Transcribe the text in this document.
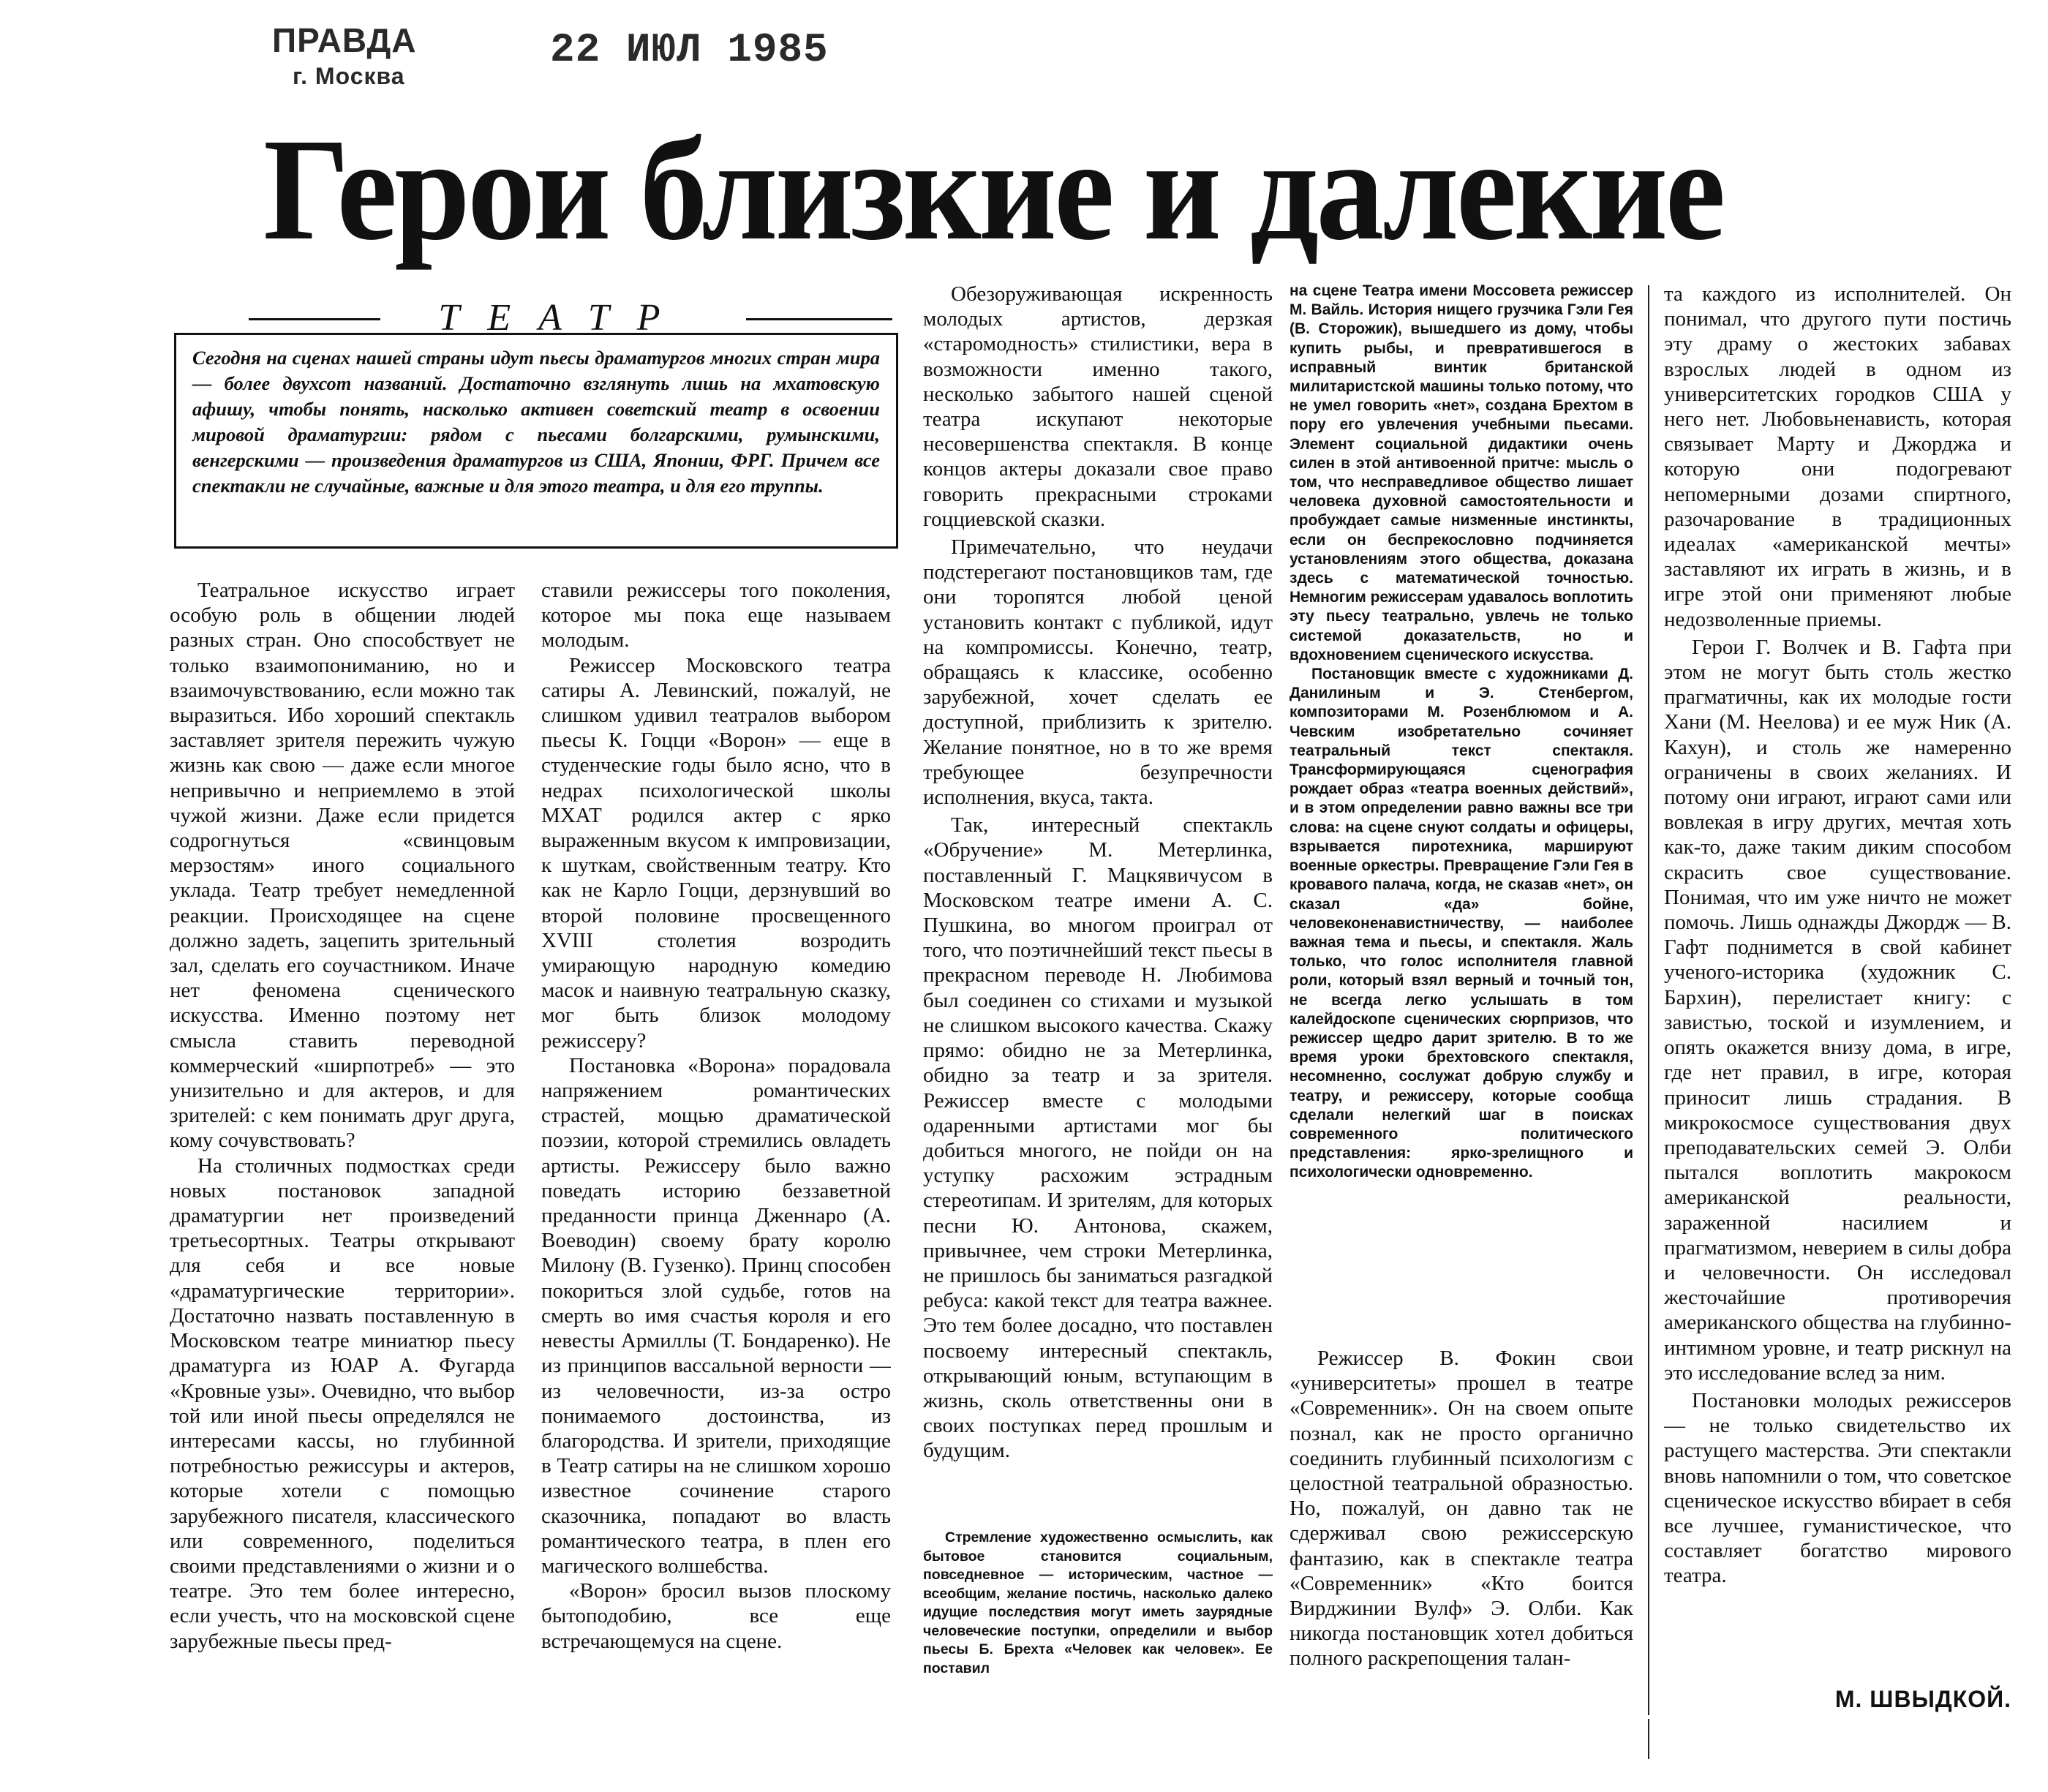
ПРАВДА
г. Москва
22 ИЮЛ 1985
Герои близкие и далекие
ТЕАТР
Сегодня на сценах нашей страны идут пьесы драматургов многих стран мира — более двухсот названий. Достаточно взглянуть лишь на мхатовскую афишу, чтобы понять, насколько активен советский театр в освоении мировой драматургии: рядом с пьесами болгарскими, румынскими, венгерскими — произведения драматургов из США, Японии, ФРГ. Причем все спектакли не случайные, важные и для этого театра, и для его труппы.

Театральное искусство играет особую роль в общении людей разных стран. Оно способствует не только взаимопониманию, но и взаимочувствованию, если можно так выразиться. Ибо хороший спектакль заставляет зрителя пережить чужую жизнь как свою — даже если многое непривычно и неприемлемо в этой чужой жизни. Даже если придется содрогнуться «свинцовым мерзостям» иного социального уклада. Театр требует немедленной реакции. Происходящее на сцене должно задеть, зацепить зрительный зал, сделать его соучастником. Иначе нет феномена сценического искусства. Именно поэтому нет смысла ставить переводной коммерческий «ширпотреб» — это унизительно и для актеров, и для зрителей: с кем понимать друг друга, кому сочувствовать?

На столичных подмостках среди новых постановок западной драматургии нет произведений третьесортных. Театры открывают для себя и все новые «драматургические территории». Достаточно назвать поставленную в Московском театре миниатюр пьесу драматурга из ЮАР А. Фугарда «Кровные узы». Очевидно, что выбор той или иной пьесы определялся не интересами кассы, но глубинной потребностью режиссуры и актеров, которые хотели с помощью зарубежного писателя, классического или современного, поделиться своими представлениями о жизни и о театре. Это тем более интересно, если учесть, что на московской сцене зарубежные пьесы пред-

ставили режиссеры того поколения, которое мы пока еще называем молодым.

Режиссер Московского театра сатиры А. Левинский, пожалуй, не слишком удивил театралов выбором пьесы К. Гоцци «Ворон» — еще в студенческие годы было ясно, что в недрах психологической школы МХАТ родился актер с ярко выраженным вкусом к импровизации, к шуткам, свойственным театру. Кто как не Карло Гоцци, дерзнувший во второй половине просвещенного XVIII столетия возродить умирающую народную комедию масок и наивную театральную сказку, мог быть близок молодому режиссеру?

Постановка «Ворона» порадовала напряжением романтических страстей, мощью драматической поэзии, которой стремились овладеть артисты. Режиссеру было важно поведать историю беззаветной преданности принца Дженнаро (А. Воеводин) своему брату королю Милону (В. Гузенко). Принц способен покориться злой судьбе, готов на смерть во имя счастья короля и его невесты Армиллы (Т. Бондаренко). Не из принципов вассальной верности — из человечности, из-за остро понимаемого достоинства, из благородства. И зрители, приходящие в Театр сатиры на не слишком хорошо известное сочинение старого сказочника, попадают во власть романтического театра, в плен его магического волшебства.

«Ворон» бросил вызов плоскому бытоподобию, все еще встречающемуся на сцене.

Обезоруживающая искренность молодых артистов, дерзкая «старомодность» стилистики, вера в возможности именно такого, несколько забытого нашей сценой театра искупают некоторые несовершенства спектакля. В конце концов актеры доказали свое право говорить прекрасными строками гоцциевской сказки.

Примечательно, что неудачи подстерегают постановщиков там, где они торопятся любой ценой установить контакт с публикой, идут на компромиссы. Конечно, театр, обращаясь к классике, особенно зарубежной, хочет сделать ее доступной, приблизить к зрителю. Желание понятное, но в то же время требующее безупречности исполнения, вкуса, такта.

Так, интересный спектакль «Обручение» М. Метерлинка, поставленный Г. Мацкявичусом в Московском театре имени А. С. Пушкина, во многом проиграл от того, что поэтичнейший текст пьесы в прекрасном переводе Н. Любимова был соединен со стихами и музыкой не слишком высокого качества. Скажу прямо: обидно не за Метерлинка, обидно за театр и за зрителя. Режиссер вместе с молодыми одаренными артистами мог бы добиться многого, не пойди он на уступку расхожим эстрадным стереотипам. И зрителям, для которых песни Ю. Антонова, скажем, привычнее, чем строки Метерлинка, не пришлось бы заниматься разгадкой ребуса: какой текст для театра важнее. Это тем более досадно, что поставлен посвоему интересный спектакль, открывающий юным, вступающим в жизнь, сколь ответственны они в своих поступках перед прошлым и будущим.

Стремление художественно осмыслить, как бытовое становится социальным, повседневное — историческим, частное — всеобщим, желание постичь, насколько далеко идущие последствия могут иметь заурядные человеческие поступки, определили и выбор пьесы Б. Брехта «Человек как человек». Ее поставил

на сцене Театра имени Моссовета режиссер М. Вайль. История нищего грузчика Гэли Гея (В. Сторожик), вышедшего из дому, чтобы купить рыбы, и превратившегося в исправный винтик британской милитаристской машины только потому, что не умел говорить «нет», создана Брехтом в пору его увлечения учебными пьесами. Элемент социальной дидактики очень силен в этой антивоенной притче: мысль о том, что несправедливое общество лишает человека духовной самостоятельности и пробуждает самые низменные инстинкты, если он беспрекословно подчиняется установлениям этого общества, доказана здесь с математической точностью. Немногим режиссерам удавалось воплотить эту пьесу театрально, увлечь не только системой доказательств, но и вдохновением сценического искусства.

Постановщик вместе с художниками Д. Данилиным и Э. Стенбергом, композиторами М. Розенблюмом и А. Чевским изобретательно сочиняет театральный текст спектакля. Трансформирующаяся сценография рождает образ «театра военных действий», и в этом определении равно важны все три слова: на сцене снуют солдаты и офицеры, взрывается пиротехника, маршируют военные оркестры. Превращение Гэли Гея в кровавого палача, когда, не сказав «нет», он сказал «да» бойне, человеконенавистничеству, — наиболее важная тема и пьесы, и спектакля. Жаль только, что голос исполнителя главной роли, который взял верный и точный тон, не всегда легко услышать в том калейдоскопе сценических сюрпризов, что режиссер щедро дарит зрителю. В то же время уроки брехтовского спектакля, несомненно, сослужат добрую службу и театру, и режиссеру, которые сообща сделали нелегкий шаг в поисках современного политического представления: ярко-зрелищного и психологически одновременно.

Режиссер В. Фокин свои «университеты» прошел в театре «Современник». Он на своем опыте познал, как не просто органично соединить глубинный психологизм с целостной театральной образностью. Но, пожалуй, он давно так не сдерживал свою режиссерскую фантазию, как в спектакле театра «Современник» «Кто боится Вирджинии Вулф» Э. Олби. Как никогда постановщик хотел добиться полного раскрепощения талан-

та каждого из исполнителей. Он понимал, что другого пути постичь эту драму о жестоких забавах взрослых людей в одном из университетских городков США у него нет. Любовьненависть, которая связывает Марту и Джорджа и которую они подогревают непомерными дозами спиртного, разочарование в традиционных идеалах «американской мечты» заставляют их играть в жизнь, и в игре этой они применяют любые недозволенные приемы.

Герои Г. Волчек и В. Гафта при этом не могут быть столь жестко прагматичны, как их молодые гости Хани (М. Неелова) и ее муж Ник (А. Кахун), и столь же намеренно ограничены в своих желаниях. И потому они играют, играют сами или вовлекая в игру других, мечтая хоть как-то, даже таким диким способом скрасить свое существование. Понимая, что им уже ничто не может помочь. Лишь однажды Джордж — В. Гафт поднимется в свой кабинет ученого-историка (художник С. Бархин), перелистает книгу: с завистью, тоской и изумлением, и опять окажется внизу дома, в игре, где нет правил, в игре, которая приносит лишь страдания. В микрокосмосе существования двух преподавательских семей Э. Олби пытался воплотить макрокосм американской реальности, зараженной насилием и прагматизмом, неверием в силы добра и человечности. Он исследовал жесточайшие противоречия американского общества на глубинно-интимном уровне, и театр рискнул на это исследование вслед за ним.

Постановки молодых режиссеров — не только свидетельство их растущего мастерства. Эти спектакли вновь напомнили о том, что советское сценическое искусство вбирает в себя все лучшее, гуманистическое, что составляет богатство мирового театра.

М. ШВЫДКОЙ.
